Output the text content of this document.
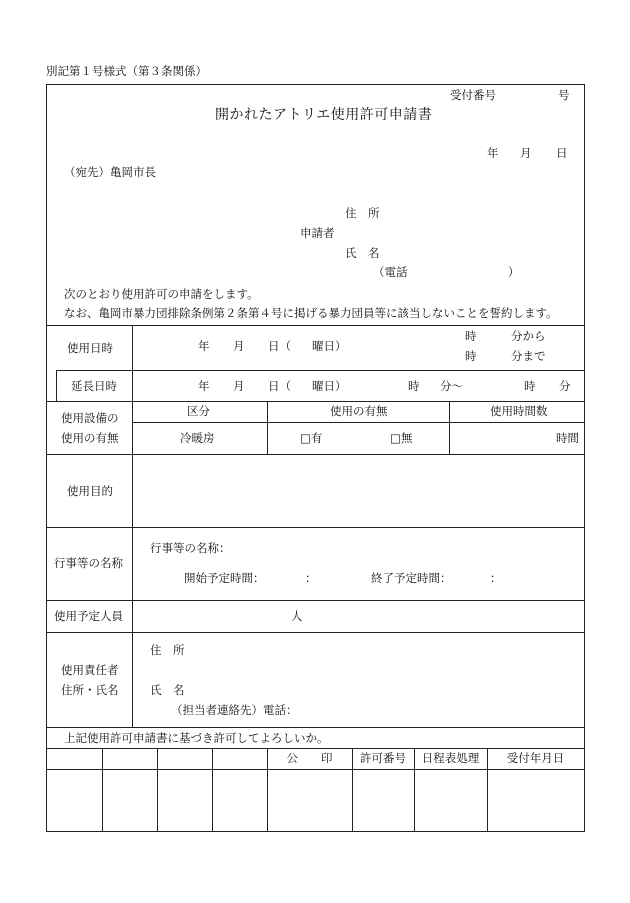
別記第１号様式（第３条関係）
受付番号	号
開かれたアトリエ使用許可申請書
年 月 日
（宛先）亀岡市長
住　所
申請者
氏　名
（電話	）
次のとおり使用許可の申請をします。
なお、亀岡市暴力団排除条例第２条第４号に掲げる暴力団員等に該当しないことを誓約します。
使用日時	年 月 日（ 曜日）
時	分から
時	分まで
延長日時	年 月 日（ 曜日）	時 分〜	時 分
使用設備の
使用の有無
区分	使用の有無	使用時間数
冷暖房	□有	□無	時間
使用目的
行事等の名称
行事等の名称：
開始予定時間：	：	終了予定時間：	：
使用予定人員	人
使用責任者
住所・氏名
住　所
氏　名
（担当者連絡先）電話：
上記使用許可申請書に基づき許可してよろしいか。
公　　印	許可番号	日程表処理	受付年月日
